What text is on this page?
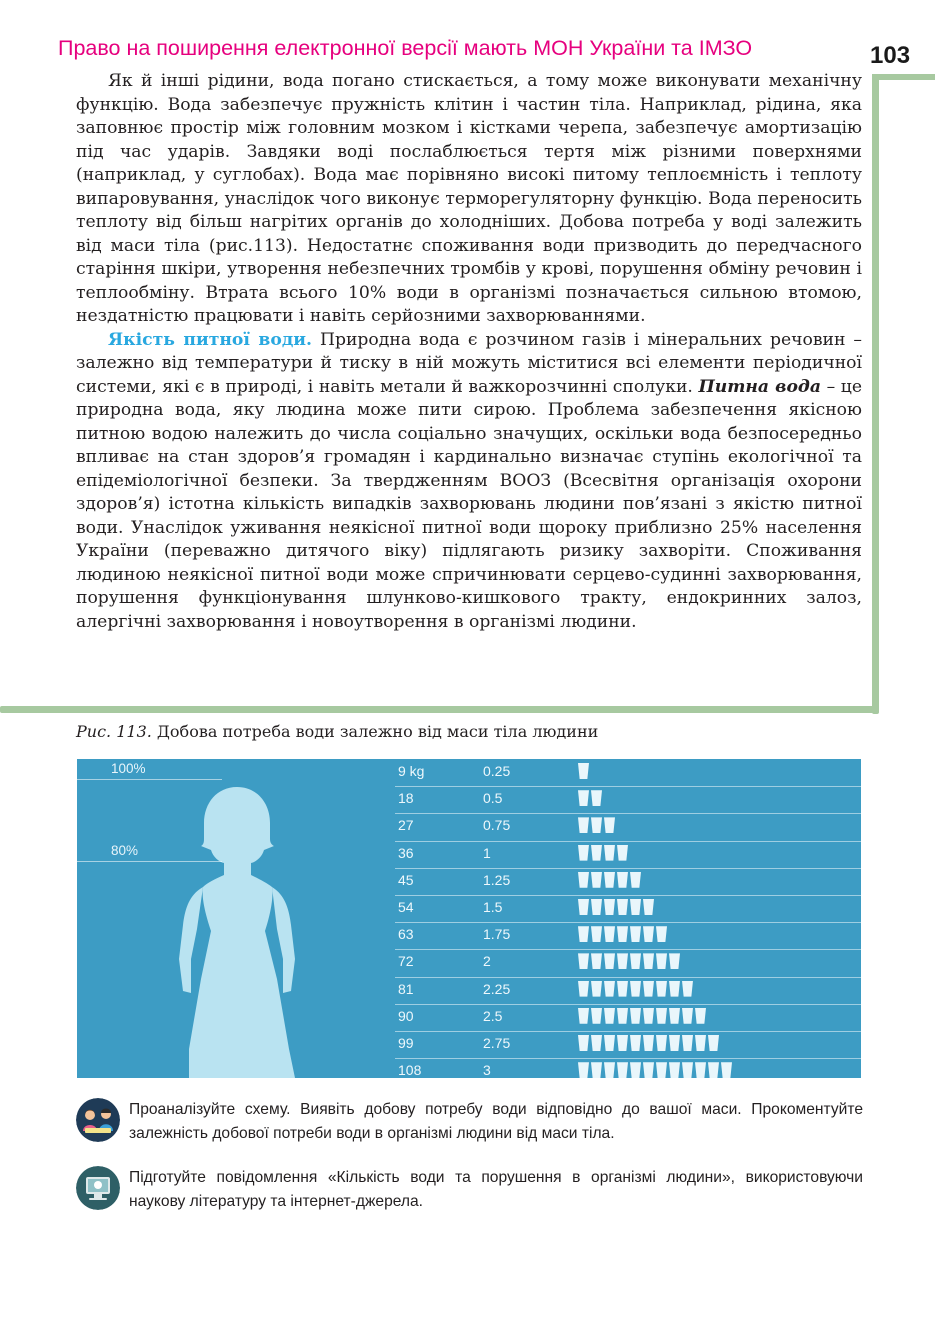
Право на поширення електронної версії мають МОН України та ІМЗО	103

Як й інші рідини, вода погано стискається, а тому може виконувати механічну функцію. Вода забезпечує пружність клітин і частин тіла. Наприклад, рідина, яка заповнює простір між головним мозком і кістками черепа, забезпечує амортизацію під час ударів. Завдяки воді послаблюється тертя між різними поверхнями (наприклад, у суглобах). Вода має порівняно високі питому теплоємність і теплоту випаровування, унаслідок чого виконує терморегуляторну функцію. Вода переносить теплоту від більш нагрітих органів до холодніших. Добова потреба у воді залежить від маси тіла (рис.113). Недостатнє споживання води призводить до передчасного старіння шкіри, утворення небезпечних тромбів у крові, порушення обміну речовин і теплообміну. Втрата всього 10% води в організмі позначається сильною втомою, нездатністю працювати і навіть серйозними захворюваннями.

Якість питної води. Природна вода є розчином газів і мінеральних речовин – залежно від температури й тиску в ній можуть міститися всі елементи періодичної системи, які є в природі, і навіть метали й важкорозчинні сполуки. Питна вода – це природна вода, яку людина може пити сирою. Проблема забезпечення якісною питною водою належить до числа соціально значущих, оскільки вода безпосередньо впливає на стан здоров’я громадян і кардинально визначає ступінь екологічної та епідеміологічної безпеки. За твердженням ВООЗ (Всесвітня організація охорони здоров’я) істотна кількість випадків захворювань людини пов’язані з якістю питної води. Унаслідок уживання неякісної питної води щороку приблизно 25% населення України (переважно дитячого віку) підлягають ризику захворіти. Споживання людиною неякісної питної води може спричинювати серцево-судинні захворювання, порушення функціонування шлунково-кишкового тракту, ендокринних залоз, алергічні захворювання і новоутворення в організмі людини.

Рис. 113. Добова потреба води залежно від маси тіла людини
100%
80%
9 kg	0.25
18	0.5
27	0.75
36	1
45	1.25
54	1.5
63	1.75
72	2
81	2.25
90	2.5
99	2.75
108	3
Проаналізуйте схему. Виявіть добову потребу води відповідно до вашої маси. Прокоментуйте залежність добової потреби води в організмі людини від маси тіла.
Підготуйте повідомлення «Кількість води та порушення в організмі людини», використовуючи наукову літературу та інтернет-джерела.
